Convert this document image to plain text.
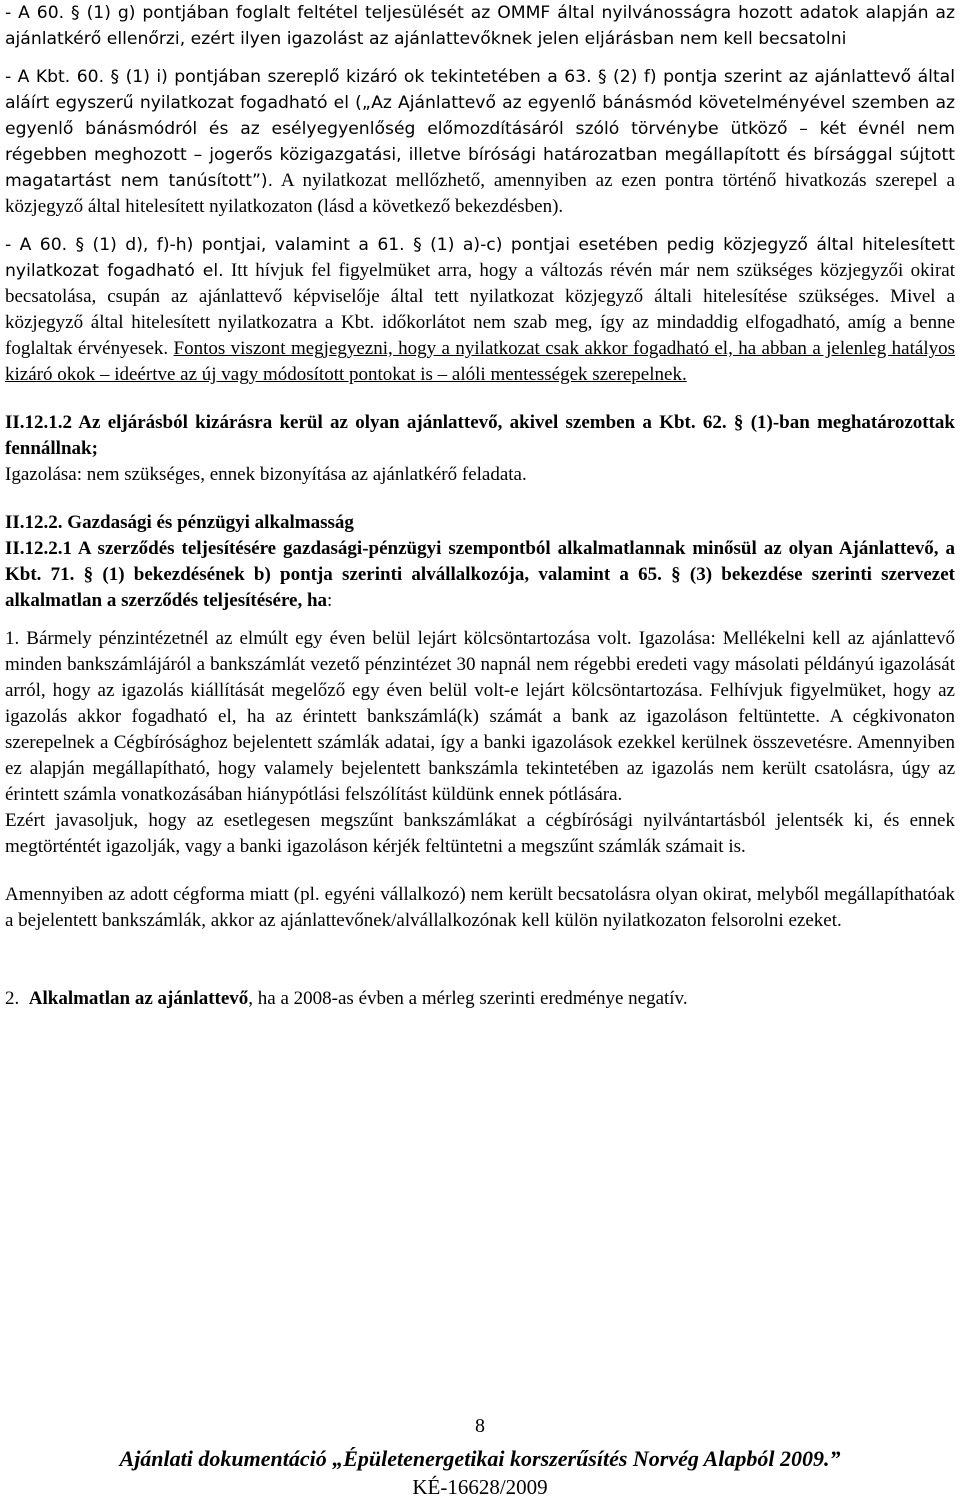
- A 60. § (1) g) pontjában foglalt feltétel teljesülését az OMMF által nyilvánosságra hozott adatok alapján az ajánlatkérő ellenőrzi, ezért ilyen igazolást az ajánlattevőknek jelen eljárásban nem kell becsatolni

- A Kbt. 60. § (1) i) pontjában szereplő kizáró ok tekintetében a 63. § (2) f) pontja szerint az ajánlattevő által aláírt egyszerű nyilatkozat fogadható el („Az Ajánlattevő az egyenlő bánásmód követelményével szemben az egyenlő bánásmódról és az esélyegyenlőség előmozdításáról szóló törvénybe ütköző – két évnél nem régebben meghozott – jogerős közigazgatási, illetve bírósági határozatban megállapított és bírsággal sújtott magatartást nem tanúsított”). A nyilatkozat mellőzhető, amennyiben az ezen pontra történő hivatkozás szerepel a közjegyző által hitelesített nyilatkozaton (lásd a következő bekezdésben).

- A 60. § (1) d), f)-h) pontjai, valamint a 61. § (1) a)-c) pontjai esetében pedig közjegyző által hitelesített nyilatkozat fogadható el. Itt hívjuk fel figyelmüket arra, hogy a változás révén már nem szükséges közjegyzői okirat becsatolása, csupán az ajánlattevő képviselője által tett nyilatkozat közjegyző általi hitelesítése szükséges. Mivel a közjegyző által hitelesített nyilatkozatra a Kbt. időkorlátot nem szab meg, így az mindaddig elfogadható, amíg a benne foglaltak érvényesek. Fontos viszont megjegyezni, hogy a nyilatkozat csak akkor fogadható el, ha abban a jelenleg hatályos kizáró okok – ideértve az új vagy módosított pontokat is – alóli mentességek szerepelnek.

II.12.1.2 Az eljárásból kizárásra kerül az olyan ajánlattevő, akivel szemben a Kbt. 62. § (1)-ban meghatározottak fennállnak;

Igazolása: nem szükséges, ennek bizonyítása az ajánlatkérő feladata.

II.12.2. Gazdasági és pénzügyi alkalmasság

II.12.2.1 A szerződés teljesítésére gazdasági-pénzügyi szempontból alkalmatlannak minősül az olyan Ajánlattevő, a Kbt. 71. § (1) bekezdésének b) pontja szerinti alvállalkozója, valamint a 65. § (3) bekezdése szerinti szervezet alkalmatlan a szerződés teljesítésére, ha:

1. Bármely pénzintézetnél az elmúlt egy éven belül lejárt kölcsöntartozása volt. Igazolása: Mellékelni kell az ajánlattevő minden bankszámlájáról a bankszámlát vezető pénzintézet 30 napnál nem régebbi eredeti vagy másolati példányú igazolását arról, hogy az igazolás kiállítását megelőző egy éven belül volt-e lejárt kölcsöntartozása. Felhívjuk figyelmüket, hogy az igazolás akkor fogadható el, ha az érintett bankszámlá(k) számát a bank az igazoláson feltüntette. A cégkivonaton szerepelnek a Cégbírósághoz bejelentett számlák adatai, így a banki igazolások ezekkel kerülnek összevetésre. Amennyiben ez alapján megállapítható, hogy valamely bejelentett bankszámla tekintetében az igazolás nem került csatolásra, úgy az érintett számla vonatkozásában hiánypótlási felszólítást küldünk ennek pótlására.

Ezért javasoljuk, hogy az esetlegesen megszűnt bankszámlákat a cégbírósági nyilvántartásból jelentsék ki, és ennek megtörténtét igazolják, vagy a banki igazoláson kérjék feltüntetni a megszűnt számlák számait is.

Amennyiben az adott cégforma miatt (pl. egyéni vállalkozó) nem került becsatolásra olyan okirat, melyből megállapíthatóak a bejelentett bankszámlák, akkor az ajánlattevőnek/alvállalkozónak kell külön nyilatkozaton felsorolni ezeket.

2. Alkalmatlan az ajánlattevő, ha a 2008-as évben a mérleg szerinti eredménye negatív.

8
Ajánlati dokumentáció „Épületenergetikai korszerűsítés Norvég Alapból 2009.”
KÉ-16628/2009
